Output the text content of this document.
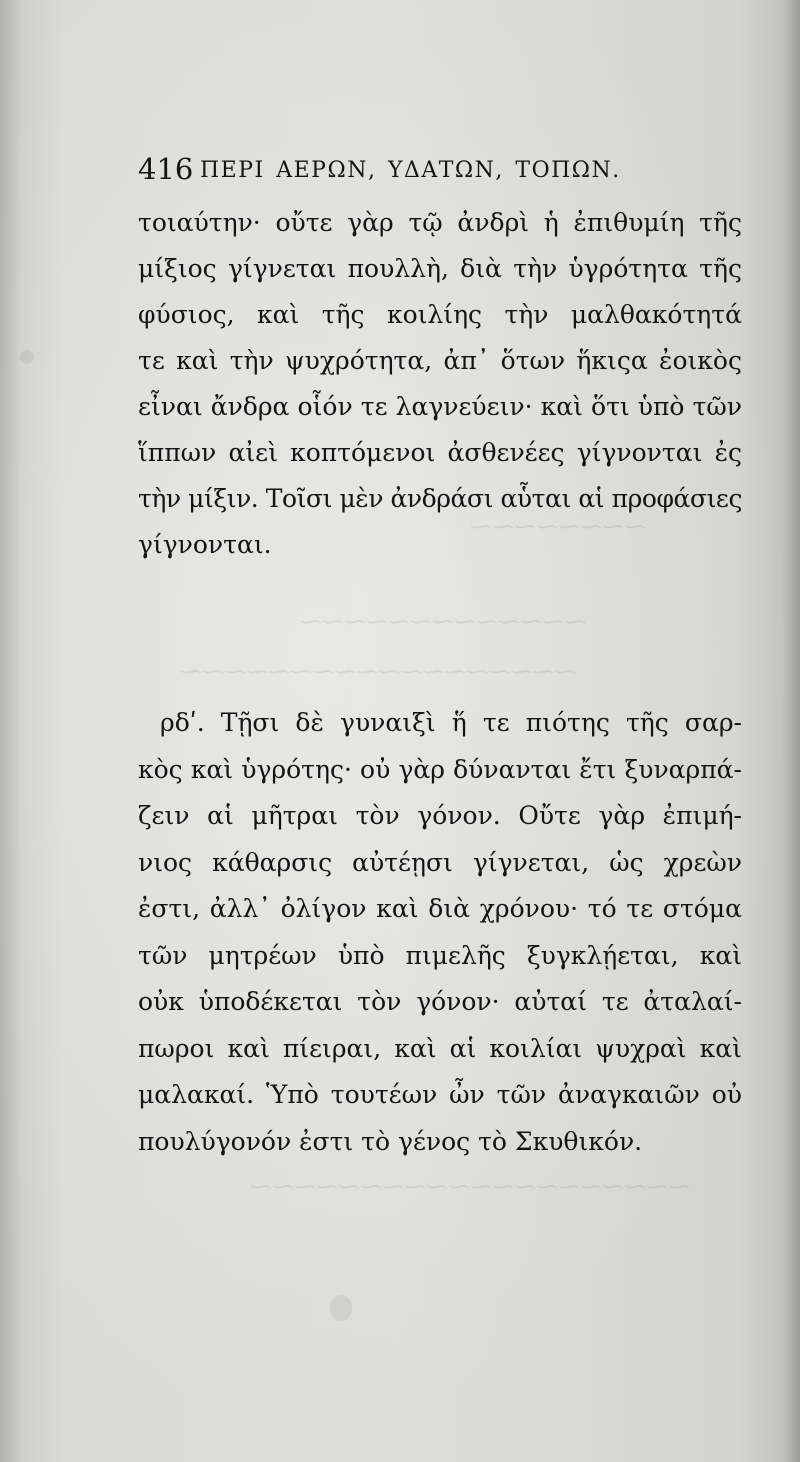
⁓⁓⁓⁓⁓⁓⁓⁓
⁓⁓⁓⁓⁓⁓⁓⁓⁓⁓⁓⁓⁓
⁓⁓⁓⁓⁓⁓⁓⁓⁓⁓⁓⁓⁓⁓⁓⁓⁓⁓
⁓⁓⁓⁓⁓⁓⁓⁓⁓⁓⁓⁓⁓⁓⁓⁓⁓⁓⁓⁓
416 ΠΕΡΙ ΑΕΡΩΝ, ΥΔΑΤΩΝ, ΤΟΠΩΝ.
τοιαύτην· οὔτε γὰρ τῷ ἀνδρὶ ἡ ἐπιθυμίη τῆς
μίξιος γίγνεται πουλλὴ, διὰ τὴν ὑγρότητα τῆς
φύσιος, καὶ τῆς κοιλίης τὴν μαλθακότητά
τε καὶ τὴν ψυχρότητα, ἀπ᾽ ὅτων ἥκιςα ἐοικὸς
εἶναι ἄνδρα οἷόν τε λαγνεύειν· καὶ ὅτι ὑπὸ τῶν
ἵππων αἰεὶ κοπτόμενοι ἀσθενέες γίγνονται ἐς
τὴν μίξιν. Τοῖσι μὲν ἀνδράσι αὗται αἱ προφάσιες
γίγνονται.
ρδʹ. Τῇσι δὲ γυναιξὶ ἥ τε πιότης τῆς σαρ-
κὸς καὶ ὑγρότης· οὐ γὰρ δύνανται ἔτι ξυναρπά-
ζειν αἱ μῆτραι τὸν γόνον. Οὔτε γὰρ ἐπιμή-
νιος κάθαρσις αὐτέῃσι γίγνεται, ὡς χρεὼν
ἐστι, ἀλλ᾽ ὀλίγον καὶ διὰ χρόνου· τό τε στόμα
τῶν μητρέων ὑπὸ πιμελῆς ξυγκλῄεται, καὶ
οὐκ ὑποδέκεται τὸν γόνον· αὐταί τε ἀταλαί-
πωροι καὶ πίειραι, καὶ αἱ κοιλίαι ψυχραὶ καὶ
μαλακαί. Ὑπὸ τουτέων ὦν τῶν ἀναγκαιῶν οὐ
πουλύγονόν ἐστι τὸ γένος τὸ Σκυθικόν.
